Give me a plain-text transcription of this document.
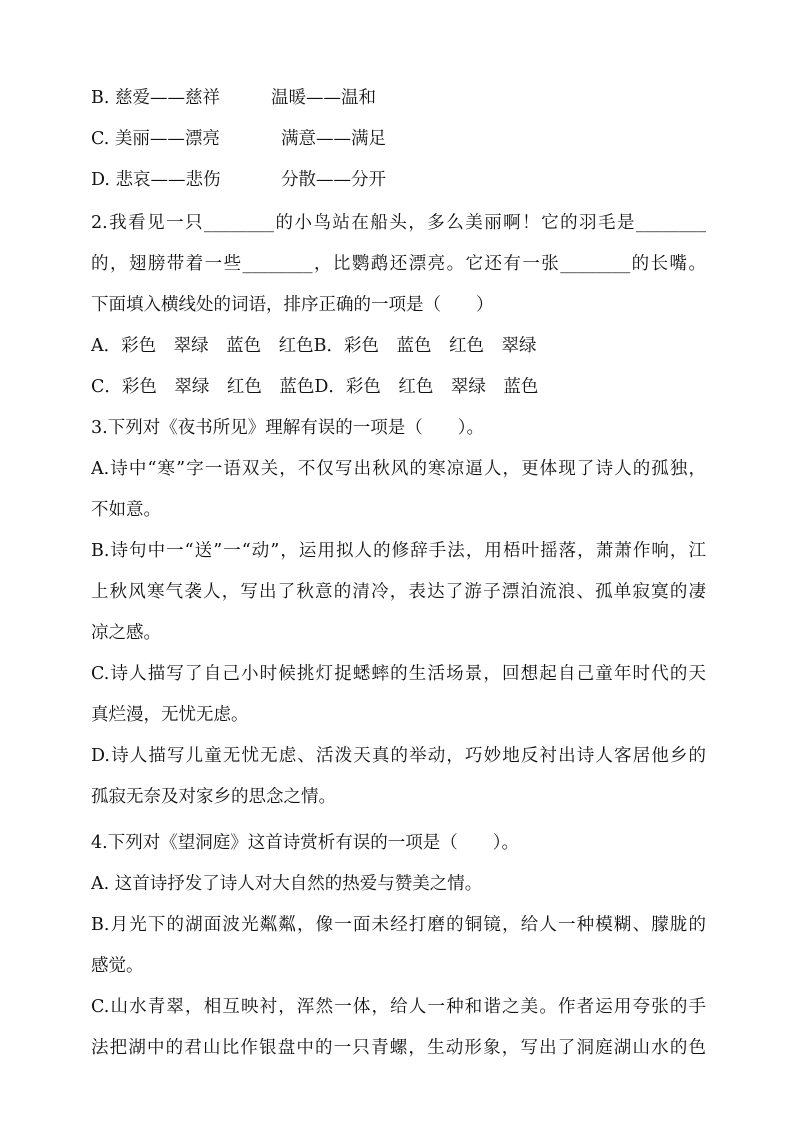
B. 慈爱——慈祥	温暖——温和
C. 美丽——漂亮	满意——满足
D. 悲哀——悲伤	分散——分开
2.我看见一只________的小鸟站在船头，多么美丽啊！它的羽毛是________
的，翅膀带着一些________，比鹦鹉还漂亮。它还有一张________的长嘴。
下面填入横线处的词语，排序正确的一项是（　　）
A．彩色　翠绿　蓝色　红色B．彩色　蓝色　红色　翠绿
C．彩色　翠绿　红色　蓝色D．彩色　红色　翠绿　蓝色
3.下列对《夜书所见》理解有误的一项是（　　）。
A.诗中“寒”字一语双关，不仅写出秋风的寒凉逼人，更体现了诗人的孤独，
不如意。
B.诗句中一“送”一“动”，运用拟人的修辞手法，用梧叶摇落，萧萧作响，江
上秋风寒气袭人，写出了秋意的清冷，表达了游子漂泊流浪、孤单寂寞的凄
凉之感。
C.诗人描写了自己小时候挑灯捉蟋蟀的生活场景，回想起自己童年时代的天
真烂漫，无忧无虑。
D.诗人描写儿童无忧无虑、活泼天真的举动，巧妙地反衬出诗人客居他乡的
孤寂无奈及对家乡的思念之情。
4.下列对《望洞庭》这首诗赏析有误的一项是（　　）。
A. 这首诗抒发了诗人对大自然的热爱与赞美之情。
B.月光下的湖面波光粼粼，像一面未经打磨的铜镜，给人一种模糊、朦胧的
感觉。
C.山水青翠，相互映衬，浑然一体，给人一种和谐之美。作者运用夸张的手
法把湖中的君山比作银盘中的一只青螺，生动形象，写出了洞庭湖山水的色
